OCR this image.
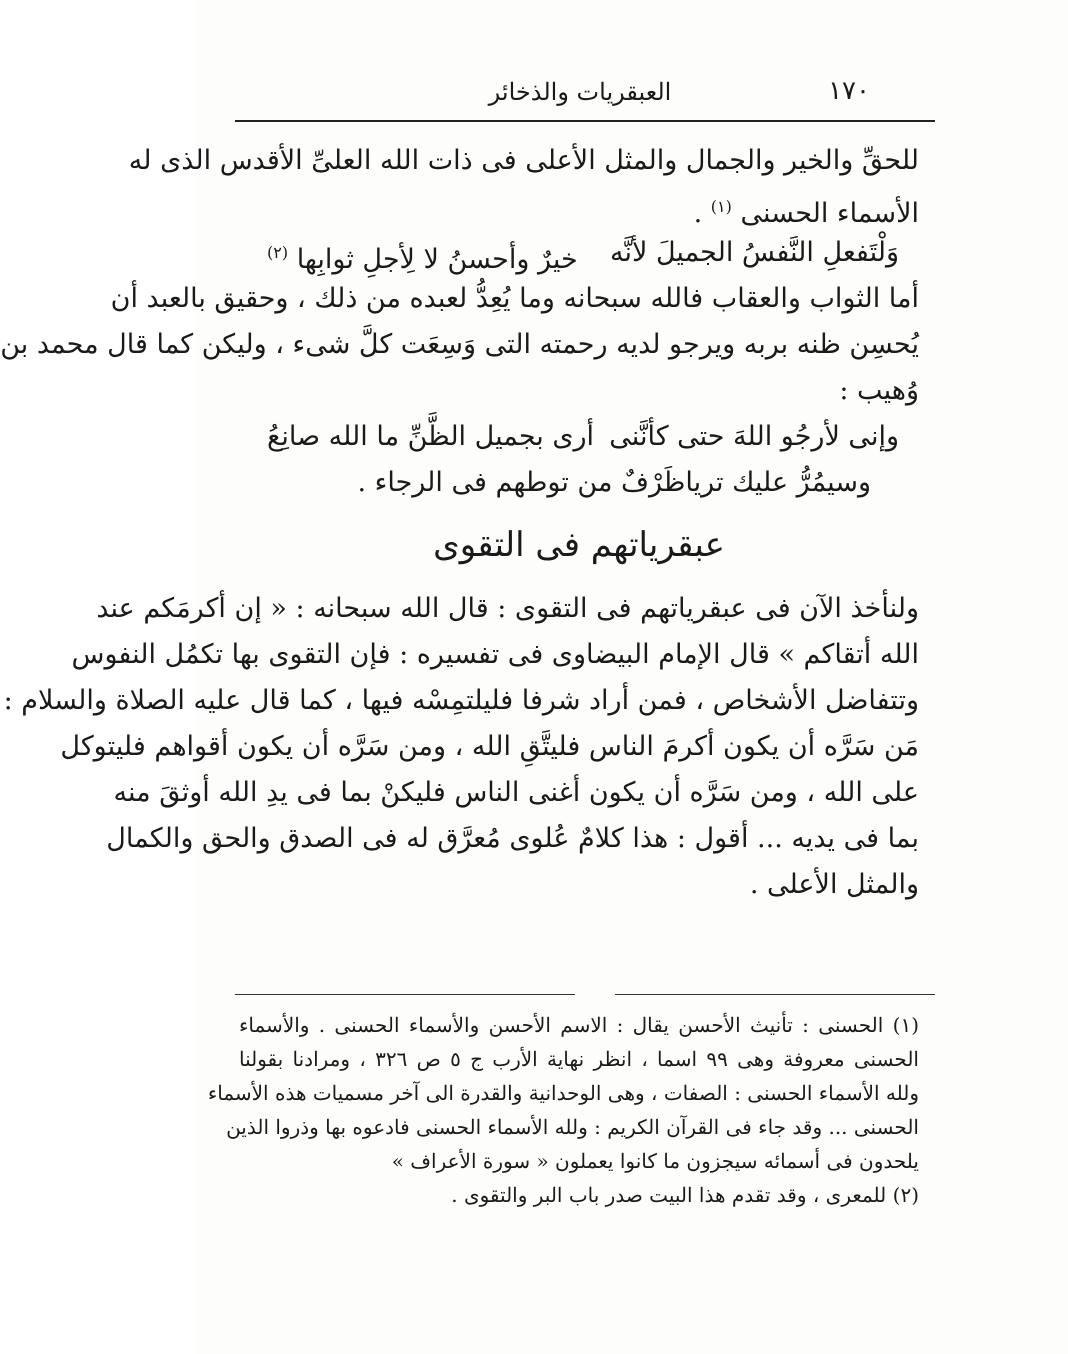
العبقريات والذخائر	١٧٠
للحقِّ والخير والجمال والمثل الأعلى فى ذات الله العلىِّ الأقدس الذى له
الأسماء الحسنى $^{(١)}$ .
وَلْتَفعلِ النَّفسُ الجميلَ لأنَّه
خيرٌ وأحسنُ لا لِأجلِ ثوابِها $^{(٢)}$
أما الثواب والعقاب فالله سبحانه وما يُعِدُّ لعبده من ذلك ، وحقيق بالعبد أن
يُحسِن ظنه بربه ويرجو لديه رحمته التى وَسِعَت كلَّ شىء ، وليكن كما قال محمد بن
وُهيب :
وإنى لأرجُو اللهَ حتى كأنَّنى
أرى بجميل الظَّنِّ ما الله صانِعُ
وسيمُرُّ عليك ترياظَرْفٌ من توطهم فى الرجاء .
عبقرياتهم فى التقوى
ولنأخذ الآن فى عبقرياتهم فى التقوى : قال الله سبحانه : « إن أكرمَكم عند
الله أتقاكم » قال الإمام البيضاوى فى تفسيره : فإن التقوى بها تكمُل النفوس
وتتفاضل الأشخاص ، فمن أراد شرفا فليلتمِسْه فيها ، كما قال عليه الصلاة والسلام :
مَن سَرَّه أن يكون أكرمَ الناس فليتَّقِ الله ، ومن سَرَّه أن يكون أقواهم فليتوكل
على الله ، ومن سَرَّه أن يكون أغنى الناس فليكنْ بما فى يدِ الله أوثقَ منه
بما فى يديه ... أقول : هذا كلامٌ عُلوى مُعرَّق له فى الصدق والحق والكمال
والمثل الأعلى .
(١) الحسنى : تأنيث الأحسن يقال : الاسم الأحسن والأسماء الحسنى . والأسماء
الحسنى معروفة وهى ٩٩ اسما ، انظر نهاية الأرب ج ٥ ص ٣٢٦ ، ومرادنا بقولنا
ولله الأسماء الحسنى : الصفات ، وهى الوحدانية والقدرة الى آخر مسميات هذه الأسماء
الحسنى ... وقد جاء فى القرآن الكريم : ولله الأسماء الحسنى فادعوه بها وذروا الذين
يلحدون فى أسمائه سيجزون ما كانوا يعملون « سورة الأعراف »
(٢) للمعرى ، وقد تقدم هذا البيت صدر باب البر والتقوى .
